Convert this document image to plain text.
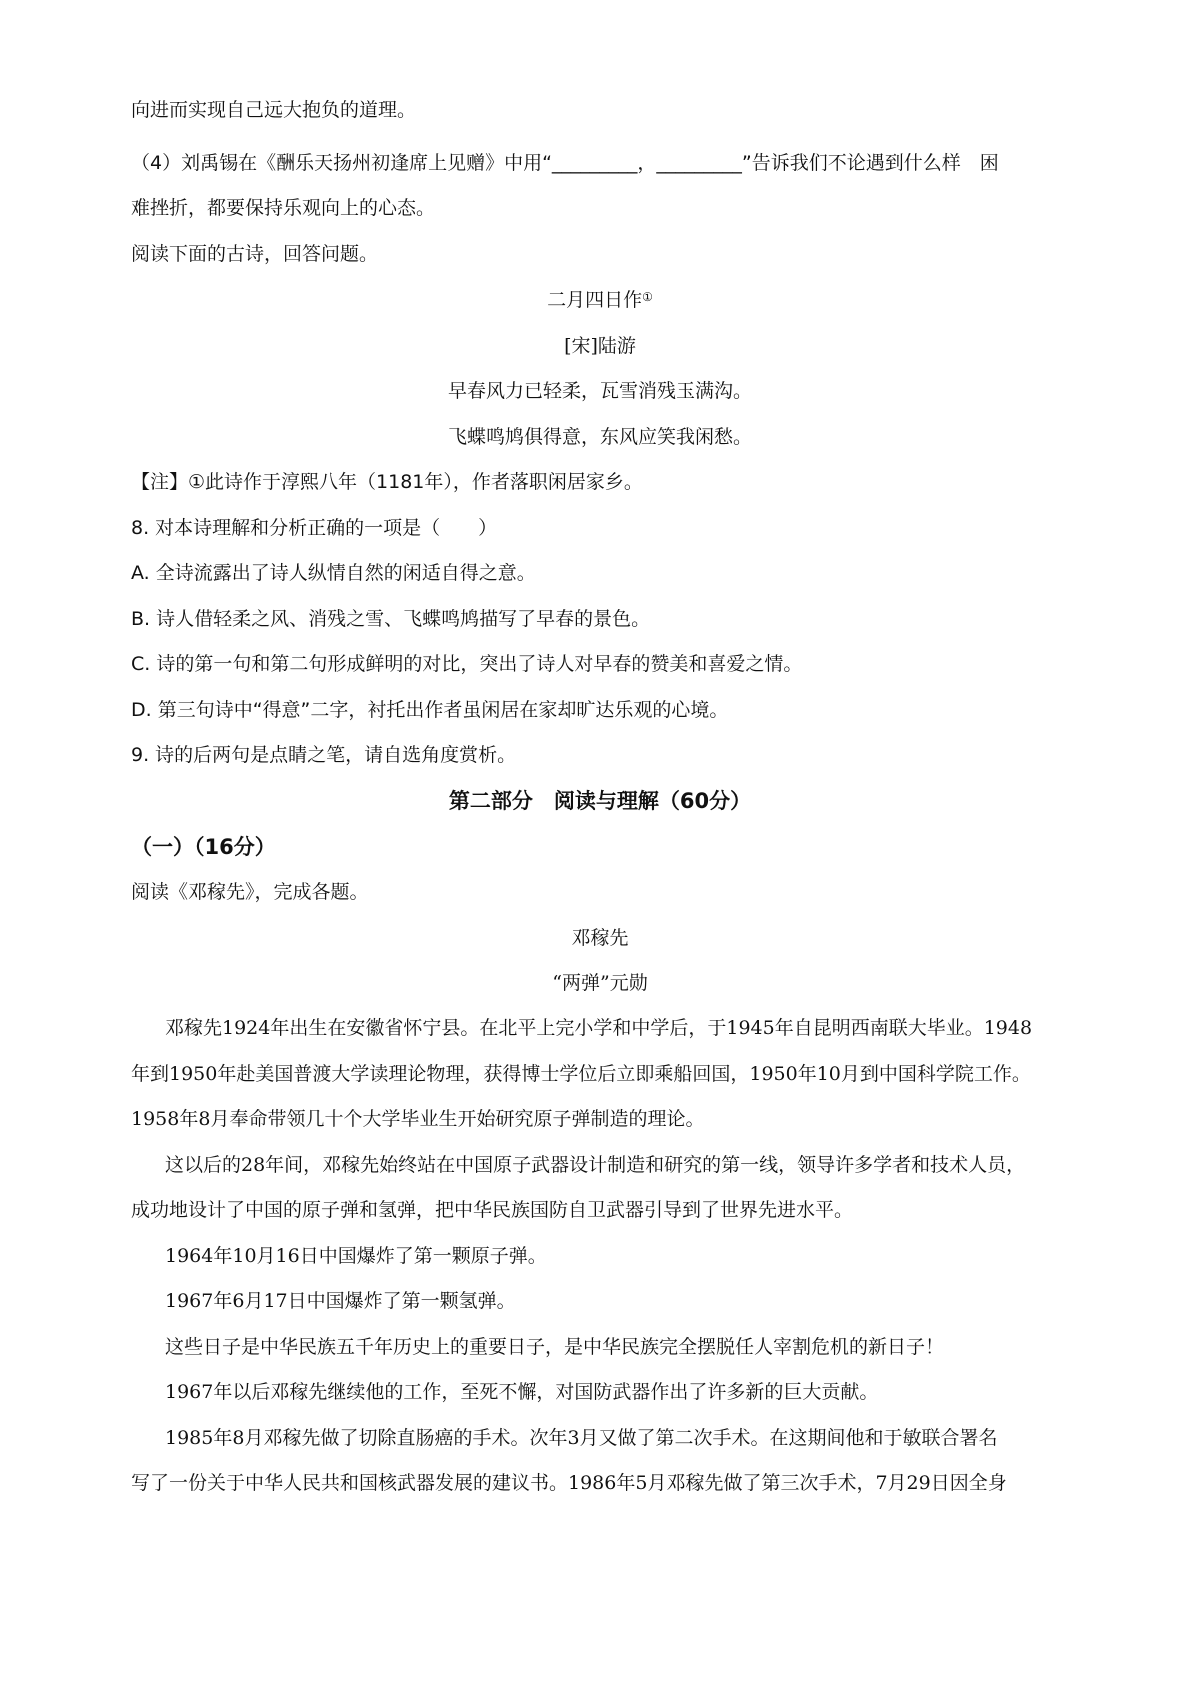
向进而实现自己远大抱负的道理。
（4）刘禹锡在《酬乐天扬州初逢席上见赠》中用“_________，_________”告诉我们不论遇到什么样　困
难挫折，都要保持乐观向上的心态。
阅读下面的古诗，回答问题。
二月四日作①
[宋]陆游
早春风力已轻柔，瓦雪消残玉满沟。
飞蝶鸣鸠俱得意，东风应笑我闲愁。
【注】①此诗作于淳熙八年（1181年），作者落职闲居家乡。
8. 对本诗理解和分析正确的一项是（　　）
A. 全诗流露出了诗人纵情自然的闲适自得之意。
B. 诗人借轻柔之风、消残之雪、飞蝶鸣鸠描写了早春的景色。
C. 诗的第一句和第二句形成鲜明的对比，突出了诗人对早春的赞美和喜爱之情。
D. 第三句诗中“得意”二字，衬托出作者虽闲居在家却旷达乐观的心境。
9. 诗的后两句是点睛之笔，请自选角度赏析。
第二部分　阅读与理解（60分）
（一）（16分）
阅读《邓稼先》，完成各题。
邓稼先
“两弹”元勋
邓稼先1924年出生在安徽省怀宁县。在北平上完小学和中学后，于1945年自昆明西南联大毕业。1948
年到1950年赴美国普渡大学读理论物理，获得博士学位后立即乘船回国，1950年10月到中国科学院工作。
1958年8月奉命带领几十个大学毕业生开始研究原子弹制造的理论。
这以后的28年间，邓稼先始终站在中国原子武器设计制造和研究的第一线，领导许多学者和技术人员，
成功地设计了中国的原子弹和氢弹，把中华民族国防自卫武器引导到了世界先进水平。
1964年10月16日中国爆炸了第一颗原子弹。
1967年6月17日中国爆炸了第一颗氢弹。
这些日子是中华民族五千年历史上的重要日子，是中华民族完全摆脱任人宰割危机的新日子！
1967年以后邓稼先继续他的工作，至死不懈，对国防武器作出了许多新的巨大贡献。
1985年8月邓稼先做了切除直肠癌的手术。次年3月又做了第二次手术。在这期间他和于敏联合署名
写了一份关于中华人民共和国核武器发展的建议书。1986年5月邓稼先做了第三次手术，7月29日因全身
